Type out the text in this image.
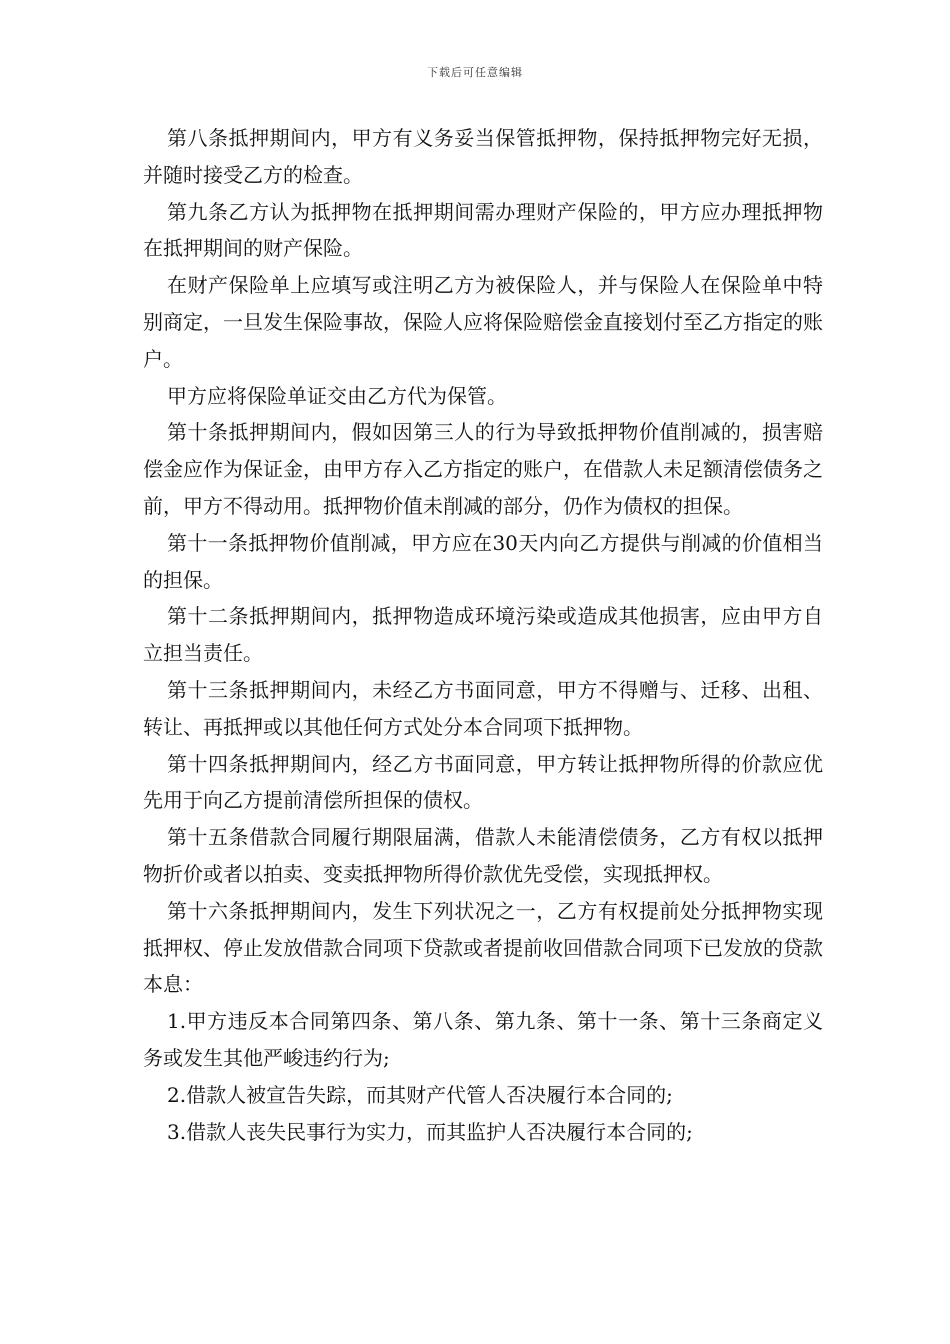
下载后可任意编辑

第八条抵押期间内，甲方有义务妥当保管抵押物，保持抵押物完好无损，并随时接受乙方的检查。

第九条乙方认为抵押物在抵押期间需办理财产保险的，甲方应办理抵押物在抵押期间的财产保险。

在财产保险单上应填写或注明乙方为被保险人，并与保险人在保险单中特别商定，一旦发生保险事故，保险人应将保险赔偿金直接划付至乙方指定的账户。

甲方应将保险单证交由乙方代为保管。

第十条抵押期间内，假如因第三人的行为导致抵押物价值削减的，损害赔偿金应作为保证金，由甲方存入乙方指定的账户，在借款人未足额清偿债务之前，甲方不得动用。抵押物价值未削减的部分，仍作为债权的担保。

第十一条抵押物价值削减，甲方应在30天内向乙方提供与削减的价值相当的担保。

第十二条抵押期间内，抵押物造成环境污染或造成其他损害，应由甲方自立担当责任。

第十三条抵押期间内，未经乙方书面同意，甲方不得赠与、迁移、出租、转让、再抵押或以其他任何方式处分本合同项下抵押物。

第十四条抵押期间内，经乙方书面同意，甲方转让抵押物所得的价款应优先用于向乙方提前清偿所担保的债权。

第十五条借款合同履行期限届满，借款人未能清偿债务，乙方有权以抵押物折价或者以拍卖、变卖抵押物所得价款优先受偿，实现抵押权。

第十六条抵押期间内，发生下列状况之一，乙方有权提前处分抵押物实现抵押权、停止发放借款合同项下贷款或者提前收回借款合同项下已发放的贷款本息：

1.甲方违反本合同第四条、第八条、第九条、第十一条、第十三条商定义务或发生其他严峻违约行为;

2.借款人被宣告失踪，而其财产代管人否决履行本合同的;

3.借款人丧失民事行为实力，而其监护人否决履行本合同的;
